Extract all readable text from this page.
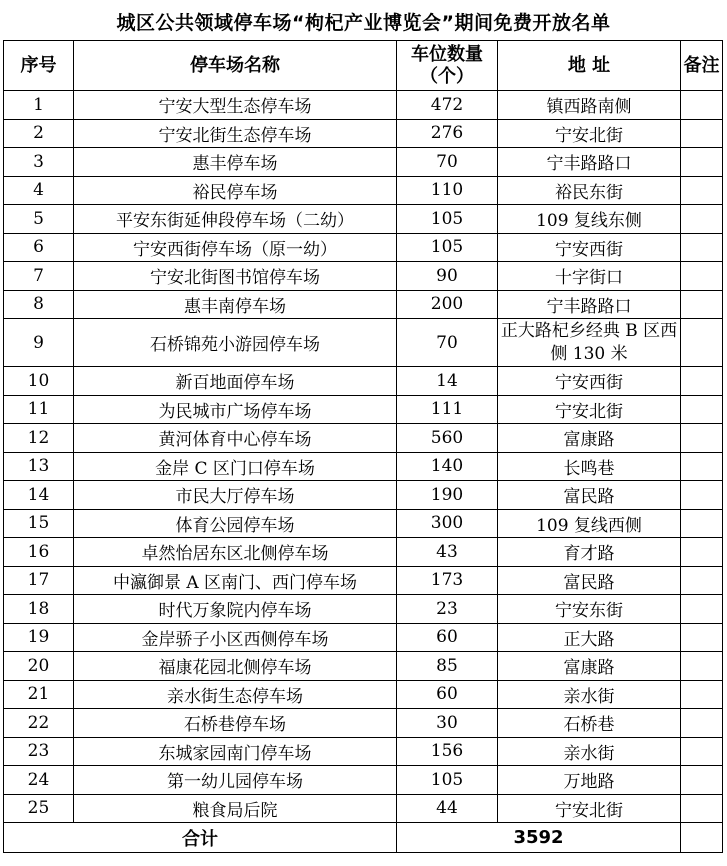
城区公共领域停车场“枸杞产业博览会”期间免费开放名单
序号	停车场名称	车位数量（个）	地 址	备注
1	宁安大型生态停车场	472	镇西路南侧	
2	宁安北街生态停车场	276	宁安北街	
3	惠丰停车场	70	宁丰路路口	
4	裕民停车场	110	裕民东街	
5	平安东街延伸段停车场（二幼）	105	109 复线东侧	
6	宁安西街停车场（原一幼）	105	宁安西街	
7	宁安北街图书馆停车场	90	十字街口	
8	惠丰南停车场	200	宁丰路路口	
9	石桥锦苑小游园停车场	70	正大路杞乡经典 B 区西侧 130 米	
10	新百地面停车场	14	宁安西街	
11	为民城市广场停车场	111	宁安北街	
12	黄河体育中心停车场	560	富康路	
13	金岸 C 区门口停车场	140	长鸣巷	
14	市民大厅停车场	190	富民路	
15	体育公园停车场	300	109 复线西侧	
16	卓然怡居东区北侧停车场	43	育才路	
17	中瀛御景 A 区南门、西门停车场	173	富民路	
18	时代万象院内停车场	23	宁安东街	
19	金岸骄子小区西侧停车场	60	正大路	
20	福康花园北侧停车场	85	富康路	
21	亲水街生态停车场	60	亲水街	
22	石桥巷停车场	30	石桥巷	
23	东城家园南门停车场	156	亲水街	
24	第一幼儿园停车场	105	万地路	
25	粮食局后院	44	宁安北街	
合计		3592		
